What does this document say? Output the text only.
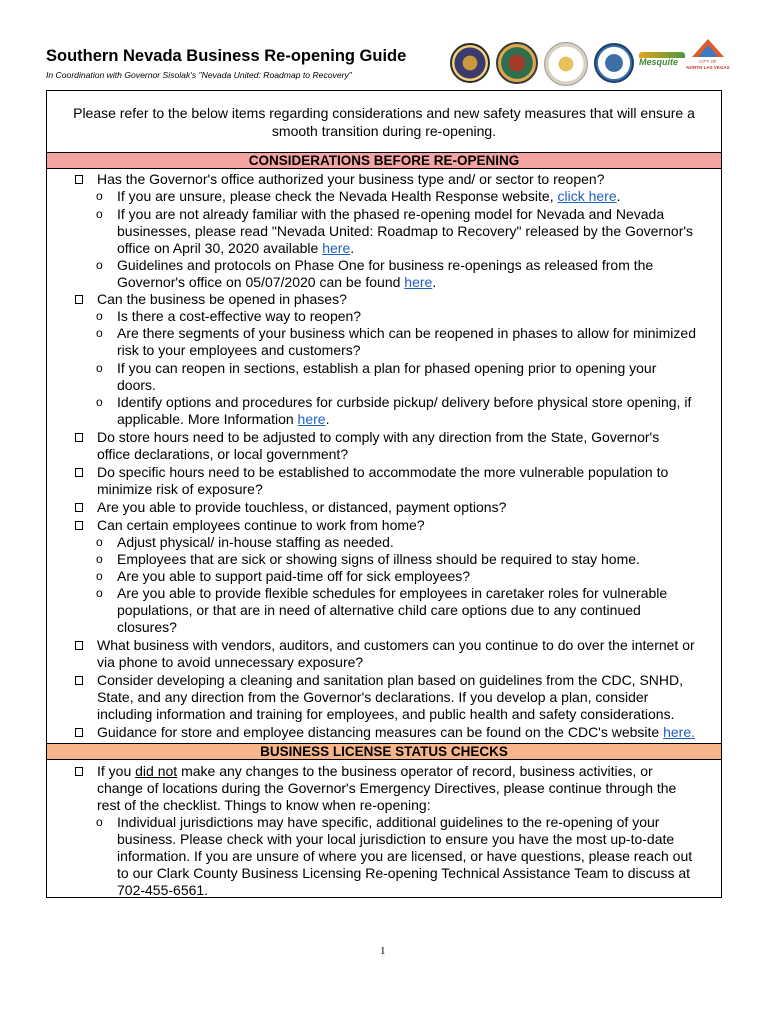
Southern Nevada Business Re-opening Guide
In Coordination with Governor Sisolak's "Nevada United: Roadmap to Recovery"
Mesquite	CITY OF
NORTH LAS VEGAS
Please refer to the below items regarding considerations and new safety measures that will ensure a
smooth transition during re-opening.
CONSIDERATIONS BEFORE RE-OPENING
Has the Governor's office authorized your business type and/ or sector to reopen?
o If you are unsure, please check the Nevada Health Response website, click here.
o If you are not already familiar with the phased re-opening model for Nevada and Nevada
businesses, please read "Nevada United: Roadmap to Recovery" released by the Governor's
office on April 30, 2020 available here.
o Guidelines and protocols on Phase One for business re-openings as released from the
Governor's office on 05/07/2020 can be found here.
Can the business be opened in phases?
o Is there a cost-effective way to reopen?
o Are there segments of your business which can be reopened in phases to allow for minimized
risk to your employees and customers?
o If you can reopen in sections, establish a plan for phased opening prior to opening your
doors.
o Identify options and procedures for curbside pickup/ delivery before physical store opening, if
applicable. More Information here.
Do store hours need to be adjusted to comply with any direction from the State, Governor's
office declarations, or local government?
Do specific hours need to be established to accommodate the more vulnerable population to
minimize risk of exposure?
Are you able to provide touchless, or distanced, payment options?
Can certain employees continue to work from home?
o Adjust physical/ in-house staffing as needed.
o Employees that are sick or showing signs of illness should be required to stay home.
o Are you able to support paid-time off for sick employees?
o Are you able to provide flexible schedules for employees in caretaker roles for vulnerable
populations, or that are in need of alternative child care options due to any continued
closures?
What business with vendors, auditors, and customers can you continue to do over the internet or
via phone to avoid unnecessary exposure?
Consider developing a cleaning and sanitation plan based on guidelines from the CDC, SNHD,
State, and any direction from the Governor's declarations. If you develop a plan, consider
including information and training for employees, and public health and safety considerations.
Guidance for store and employee distancing measures can be found on the CDC's website here.
BUSINESS LICENSE STATUS CHECKS
If you did not make any changes to the business operator of record, business activities, or
change of locations during the Governor's Emergency Directives, please continue through the
rest of the checklist. Things to know when re-opening:
o Individual jurisdictions may have specific, additional guidelines to the re-opening of your
business. Please check with your local jurisdiction to ensure you have the most up-to-date
information. If you are unsure of where you are licensed, or have questions, please reach out
to our Clark County Business Licensing Re-opening Technical Assistance Team to discuss at
702-455-6561.
1
